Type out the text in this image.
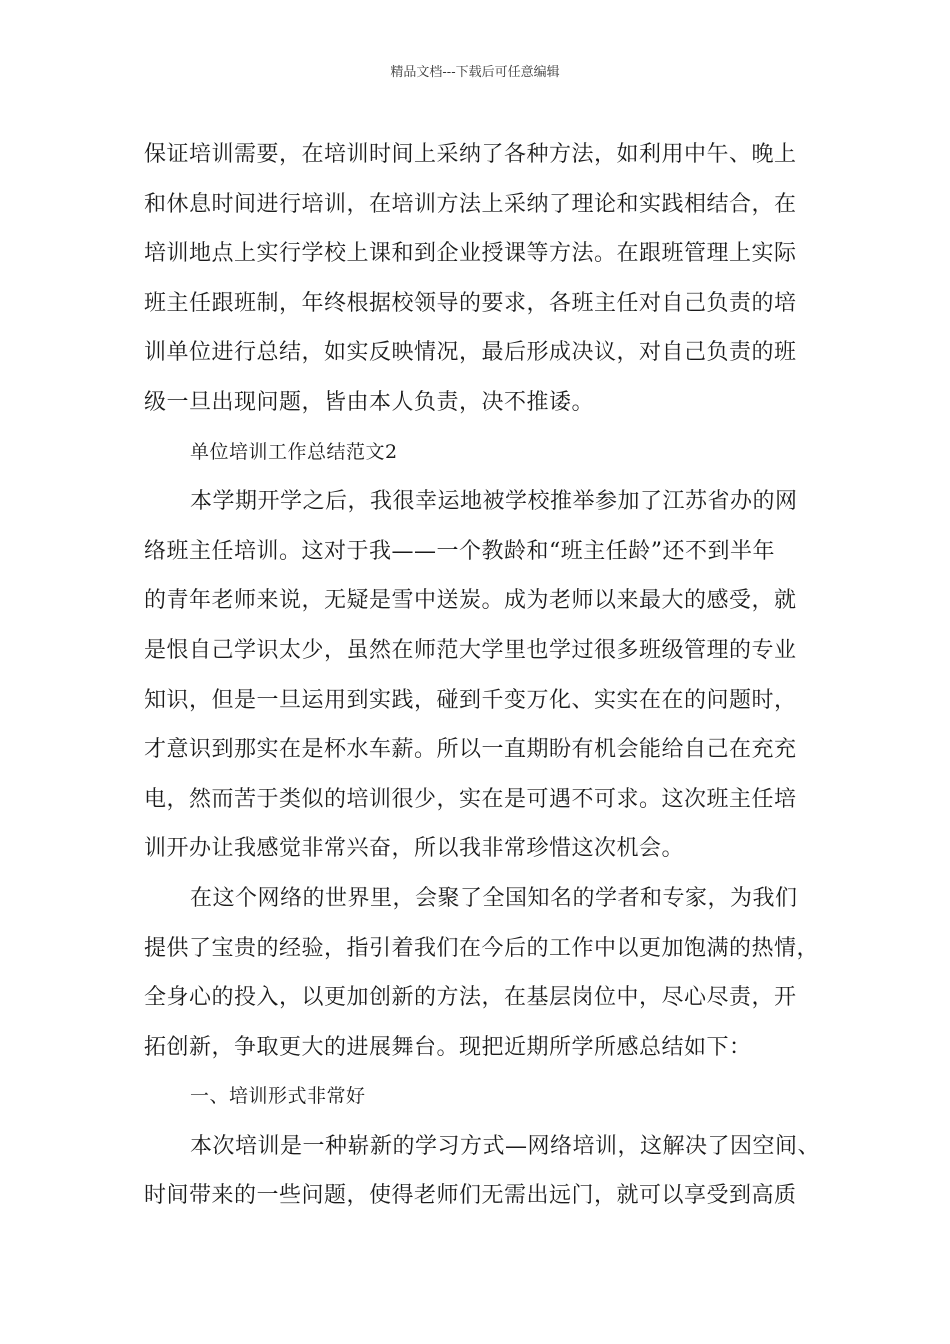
精品文档---下载后可任意编辑
保证培训需要，在培训时间上采纳了各种方法，如利用中午、晚上
和休息时间进行培训，在培训方法上采纳了理论和实践相结合，在
培训地点上实行学校上课和到企业授课等方法。在跟班管理上实际
班主任跟班制，年终根据校领导的要求，各班主任对自己负责的培
训单位进行总结，如实反映情况，最后形成决议，对自己负责的班
级一旦出现问题，皆由本人负责，决不推诿。
单位培训工作总结范文2
本学期开学之后，我很幸运地被学校推举参加了江苏省办的网
络班主任培训。这对于我——一个教龄和“班主任龄”还不到半年
的青年老师来说，无疑是雪中送炭。成为老师以来最大的感受，就
是恨自己学识太少，虽然在师范大学里也学过很多班级管理的专业
知识，但是一旦运用到实践，碰到千变万化、实实在在的问题时，
才意识到那实在是杯水车薪。所以一直期盼有机会能给自己在充充
电，然而苦于类似的培训很少，实在是可遇不可求。这次班主任培
训开办让我感觉非常兴奋，所以我非常珍惜这次机会。
在这个网络的世界里，会聚了全国知名的学者和专家，为我们
提供了宝贵的经验，指引着我们在今后的工作中以更加饱满的热情，
全身心的投入，以更加创新的方法，在基层岗位中，尽心尽责，开
拓创新，争取更大的进展舞台。现把近期所学所感总结如下：
一、培训形式非常好
本次培训是一种崭新的学习方式—网络培训，这解决了因空间、
时间带来的一些问题，使得老师们无需出远门，就可以享受到高质
